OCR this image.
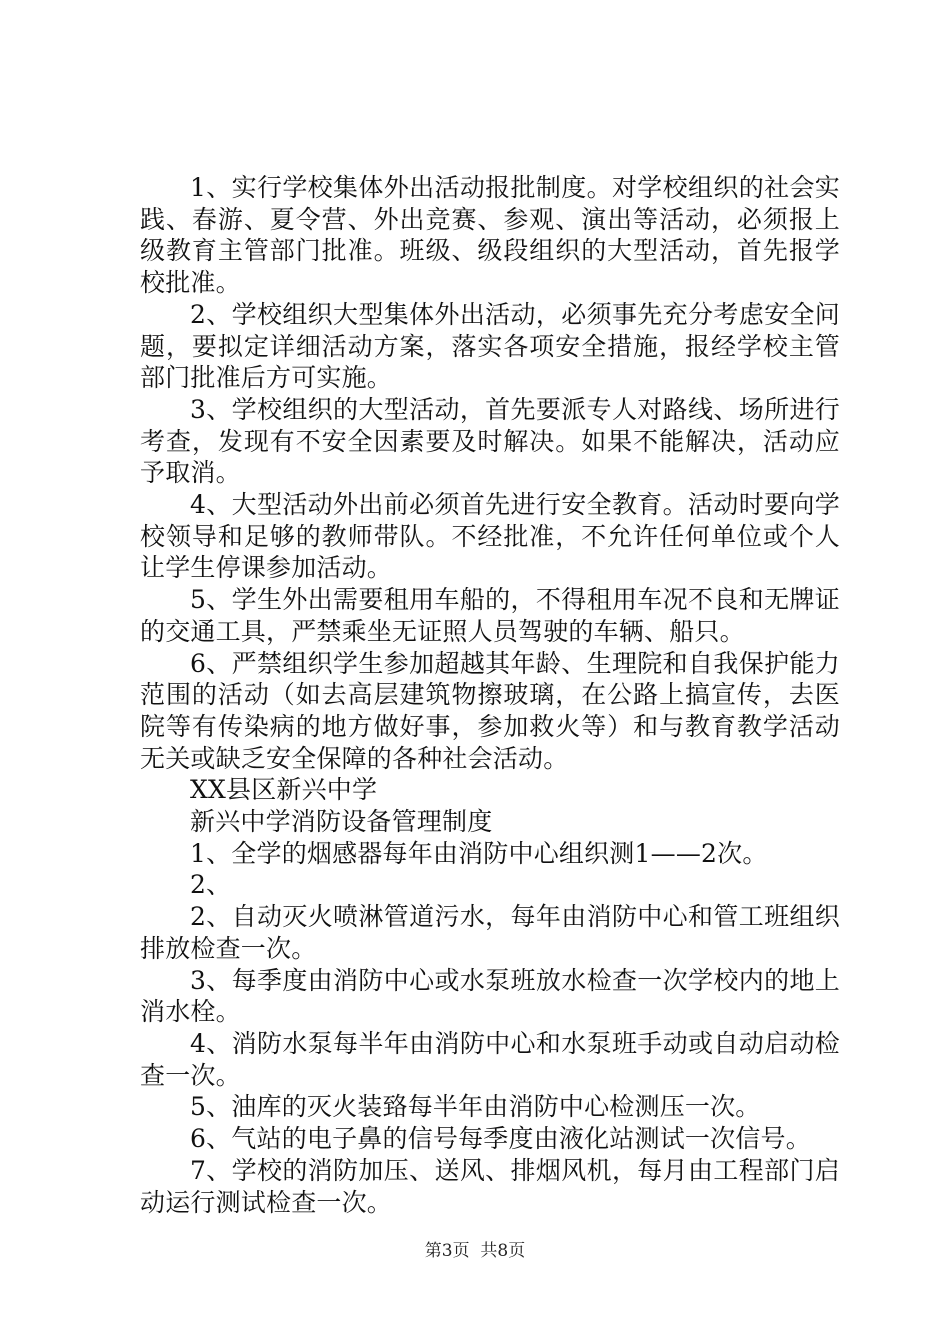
1、实行学校集体外出活动报批制度。对学校组织的社会实践、春游、夏令营、外出竞赛、参观、演出等活动，必须报上级教育主管部门批准。班级、级段组织的大型活动，首先报学校批准。

2、学校组织大型集体外出活动，必须事先充分考虑安全问题，要拟定详细活动方案，落实各项安全措施，报经学校主管部门批准后方可实施。

3、学校组织的大型活动，首先要派专人对路线、场所进行考查，发现有不安全因素要及时解决。如果不能解决，活动应予取消。

4、大型活动外出前必须首先进行安全教育。活动时要向学校领导和足够的教师带队。不经批准，不允许任何单位或个人让学生停课参加活动。

5、学生外出需要租用车船的，不得租用车况不良和无牌证的交通工具，严禁乘坐无证照人员驾驶的车辆、船只。

6、严禁组织学生参加超越其年龄、生理院和自我保护能力范围的活动（如去高层建筑物擦玻璃，在公路上搞宣传，去医院等有传染病的地方做好事，参加救火等）和与教育教学活动无关或缺乏安全保障的各种社会活动。

XX县区新兴中学

新兴中学消防设备管理制度

1、全学的烟感器每年由消防中心组织测1——2次。

2、

2、自动灭火喷淋管道污水，每年由消防中心和管工班组织排放检查一次。

3、每季度由消防中心或水泵班放水检查一次学校内的地上消水栓。

4、消防水泵每半年由消防中心和水泵班手动或自动启动检查一次。

5、油库的灭火装臵每半年由消防中心检测压一次。

6、气站的电子鼻的信号每季度由液化站测试一次信号。

7、学校的消防加压、送风、排烟风机，每月由工程部门启动运行测试检查一次。

第3页  共8页
